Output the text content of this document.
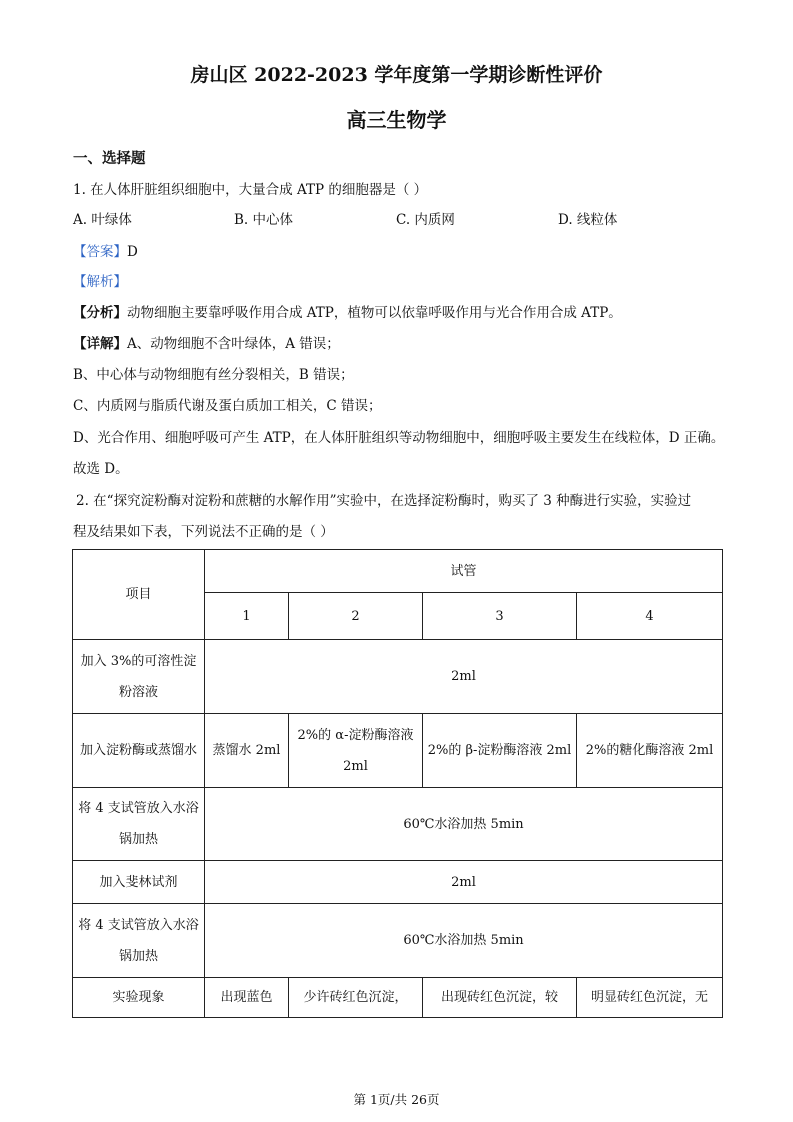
房山区 2022-2023 学年度第一学期诊断性评价
高三生物学
一、选择题
1. 在人体肝脏组织细胞中，大量合成 ATP 的细胞器是（ ）
A. 叶绿体	B. 中心体	C. 内质网	D. 线粒体
【答案】D
【解析】
【分析】动物细胞主要靠呼吸作用合成 ATP，植物可以依靠呼吸作用与光合作用合成 ATP。
【详解】A、动物细胞不含叶绿体，A 错误；
B、中心体与动物细胞有丝分裂相关，B 错误；
C、内质网与脂质代谢及蛋白质加工相关，C 错误；
D、光合作用、细胞呼吸可产生 ATP，在人体肝脏组织等动物细胞中，细胞呼吸主要发生在线粒体，D 正确。
故选 D。
2. 在“探究淀粉酶对淀粉和蔗糖的水解作用”实验中，在选择淀粉酶时，购买了 3 种酶进行实验，实验过
程及结果如下表，下列说法不正确的是（ ）
项目	试管			
	1	2	3	4
加入 3%的可溶性淀粉溶液	2ml			
加入淀粉酶或蒸馏水	蒸馏水 2ml	2%的 α-淀粉酶溶液 2ml	2%的 β-淀粉酶溶液 2ml	2%的糖化酶溶液 2ml
将 4 支试管放入水浴锅加热	60℃水浴加热 5min			
加入斐林试剂	2ml			
将 4 支试管放入水浴锅加热	60℃水浴加热 5min			
实验现象	出现蓝色	少许砖红色沉淀，	出现砖红色沉淀，较	明显砖红色沉淀，无
第 1页/共 26页
